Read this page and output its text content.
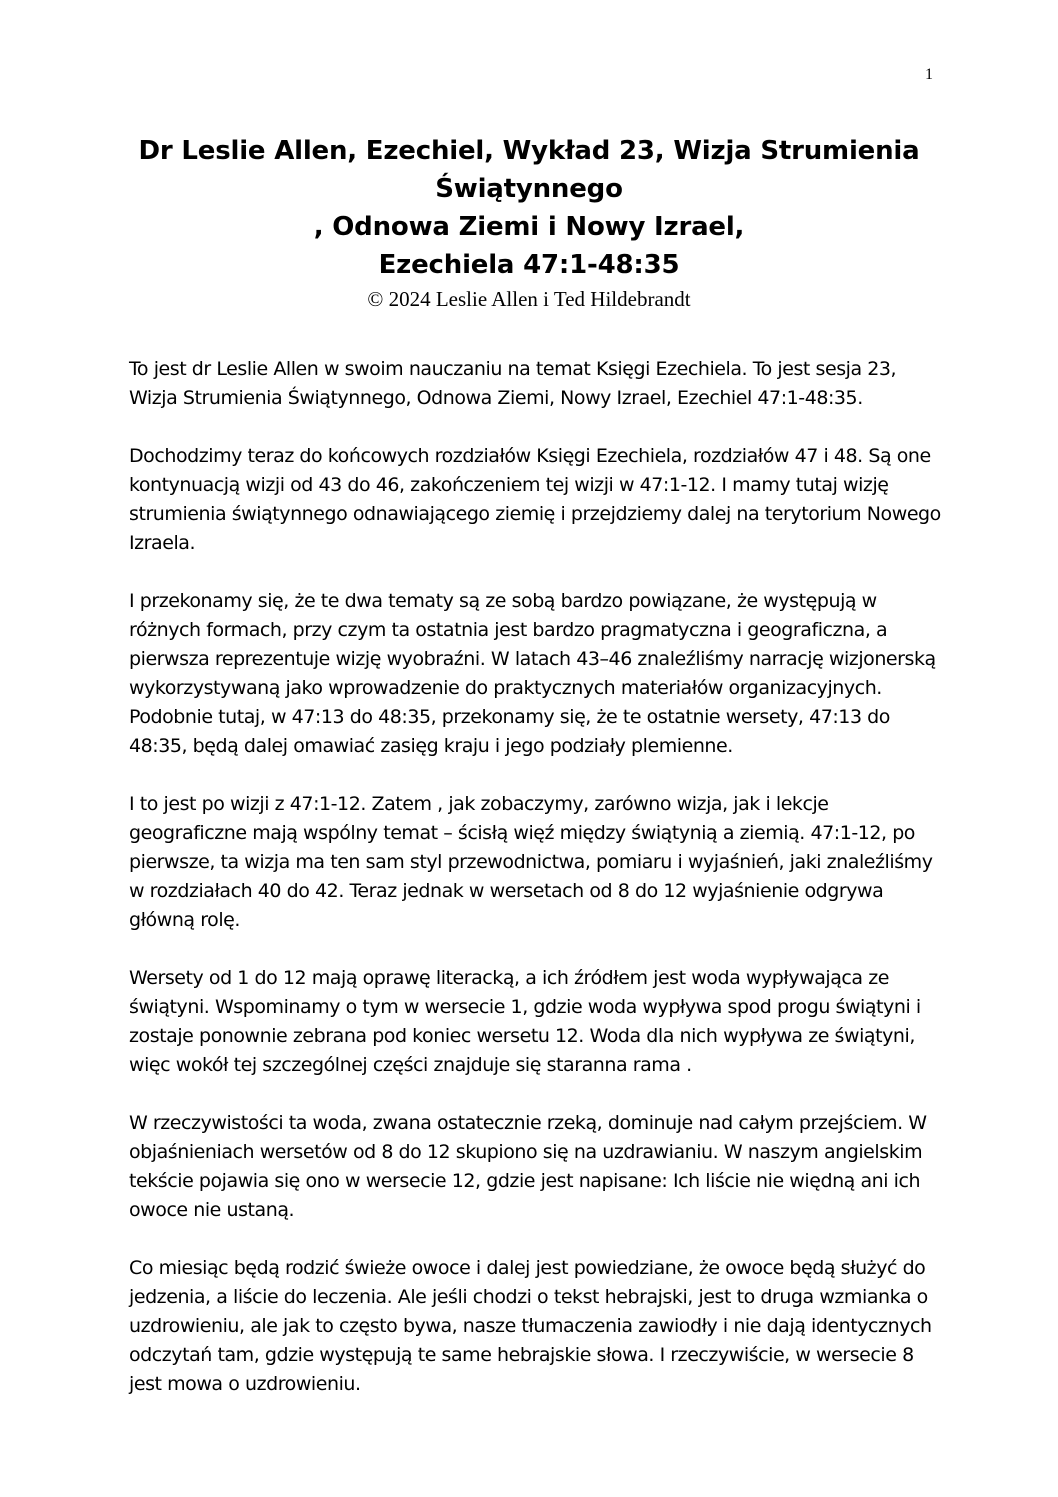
1
Dr Leslie Allen, Ezechiel, Wykład 23, Wizja Strumienia
Świątynnego
, Odnowa Ziemi i Nowy Izrael,
Ezechiela 47:1-48:35
© 2024 Leslie Allen i Ted Hildebrandt

To jest dr Leslie Allen w swoim nauczaniu na temat Księgi Ezechiela. To jest sesja 23, Wizja Strumienia Świątynnego, Odnowa Ziemi, Nowy Izrael, Ezechiel 47:1-48:35.

Dochodzimy teraz do końcowych rozdziałów Księgi Ezechiela, rozdziałów 47 i 48. Są one kontynuacją wizji od 43 do 46, zakończeniem tej wizji w 47:1-12. I mamy tutaj wizję strumienia świątynnego odnawiającego ziemię i przejdziemy dalej na terytorium Nowego Izraela.

I przekonamy się, że te dwa tematy są ze sobą bardzo powiązane, że występują w różnych formach, przy czym ta ostatnia jest bardzo pragmatyczna i geograficzna, a pierwsza reprezentuje wizję wyobraźni. W latach 43–46 znaleźliśmy narrację wizjonerską wykorzystywaną jako wprowadzenie do praktycznych materiałów organizacyjnych. Podobnie tutaj, w 47:13 do 48:35, przekonamy się, że te ostatnie wersety, 47:13 do 48:35, będą dalej omawiać zasięg kraju i jego podziały plemienne.

I to jest po wizji z 47:1-12. Zatem , jak zobaczymy, zarówno wizja, jak i lekcje geograficzne mają wspólny temat – ścisłą więź między świątynią a ziemią. 47:1-12, po pierwsze, ta wizja ma ten sam styl przewodnictwa, pomiaru i wyjaśnień, jaki znaleźliśmy w rozdziałach 40 do 42. Teraz jednak w wersetach od 8 do 12 wyjaśnienie odgrywa główną rolę.

Wersety od 1 do 12 mają oprawę literacką, a ich źródłem jest woda wypływająca ze świątyni. Wspominamy o tym w wersecie 1, gdzie woda wypływa spod progu świątyni i zostaje ponownie zebrana pod koniec wersetu 12. Woda dla nich wypływa ze świątyni, więc wokół tej szczególnej części znajduje się staranna rama .

W rzeczywistości ta woda, zwana ostatecznie rzeką, dominuje nad całym przejściem. W objaśnieniach wersetów od 8 do 12 skupiono się na uzdrawianiu. W naszym angielskim tekście pojawia się ono w wersecie 12, gdzie jest napisane: Ich liście nie więdną ani ich owoce nie ustaną.

Co miesiąc będą rodzić świeże owoce i dalej jest powiedziane, że owoce będą służyć do jedzenia, a liście do leczenia. Ale jeśli chodzi o tekst hebrajski, jest to druga wzmianka o uzdrowieniu, ale jak to często bywa, nasze tłumaczenia zawiodły i nie dają identycznych odczytań tam, gdzie występują te same hebrajskie słowa. I rzeczywiście, w wersecie 8 jest mowa o uzdrowieniu.
